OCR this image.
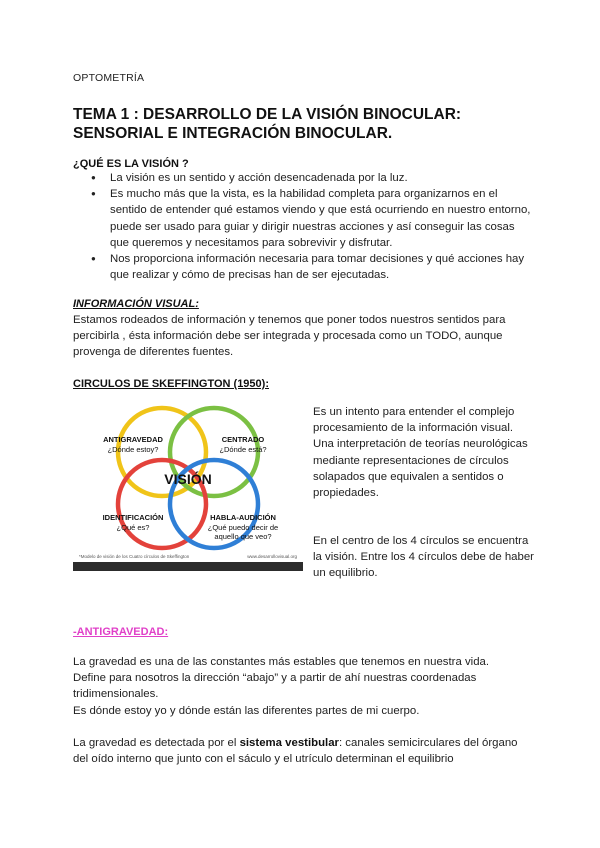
OPTOMETRÍA
TEMA 1 : DESARROLLO DE LA VISIÓN BINOCULAR:
SENSORIAL E INTEGRACIÓN BINOCULAR.
¿QUÉ ES LA VISIÓN ?
● La visión es un sentido y acción desencadenada por la luz.
● Es mucho más que la vista, es la habilidad completa para organizarnos en el sentido de entender qué estamos viendo y que está ocurriendo en nuestro entorno, puede ser usado para guiar y dirigir nuestras acciones y así conseguir las cosas que queremos y necesitamos para sobrevivir y disfrutar.
● Nos proporciona información necesaria para tomar decisiones y qué acciones hay que realizar y cómo de precisas han de ser ejecutadas.
INFORMACIÓN VISUAL:
Estamos rodeados de información y tenemos que poner todos nuestros sentidos para percibirla , ésta información debe ser integrada y procesada como un TODO, aunque provenga de diferentes fuentes.
CIRCULOS DE SKEFFINGTON (1950):
VISIÓN
ANTIGRAVEDAD
¿Dónde estoy?
CENTRADO
¿Dónde está?
IDENTIFICACIÓN
¿Qué es?
HABLA-AUDICIÓN
¿Qué puedo decir de
aquello que veo?
*Modelo de visión de los Cuatro círculos de Skeffington	www.desarrollovisual.org
Es un intento para entender el complejo procesamiento de la información visual. Una interpretación de teorías neurológicas mediante representaciones de círculos solapados que equivalen a sentidos o propiedades.
En el centro de los 4 círculos se encuentra la visión. Entre los 4 círculos debe de haber un equilibrio.
-ANTIGRAVEDAD:
La gravedad es una de las constantes más estables que tenemos en nuestra vida. Define para nosotros la dirección “abajo” y a partir de ahí nuestras coordenadas tridimensionales.
Es dónde estoy yo y dónde están las diferentes partes de mi cuerpo.
La gravedad es detectada por el sistema vestibular: canales semicirculares del órgano del oído interno que junto con el sáculo y el utrículo determinan el equilibrio
